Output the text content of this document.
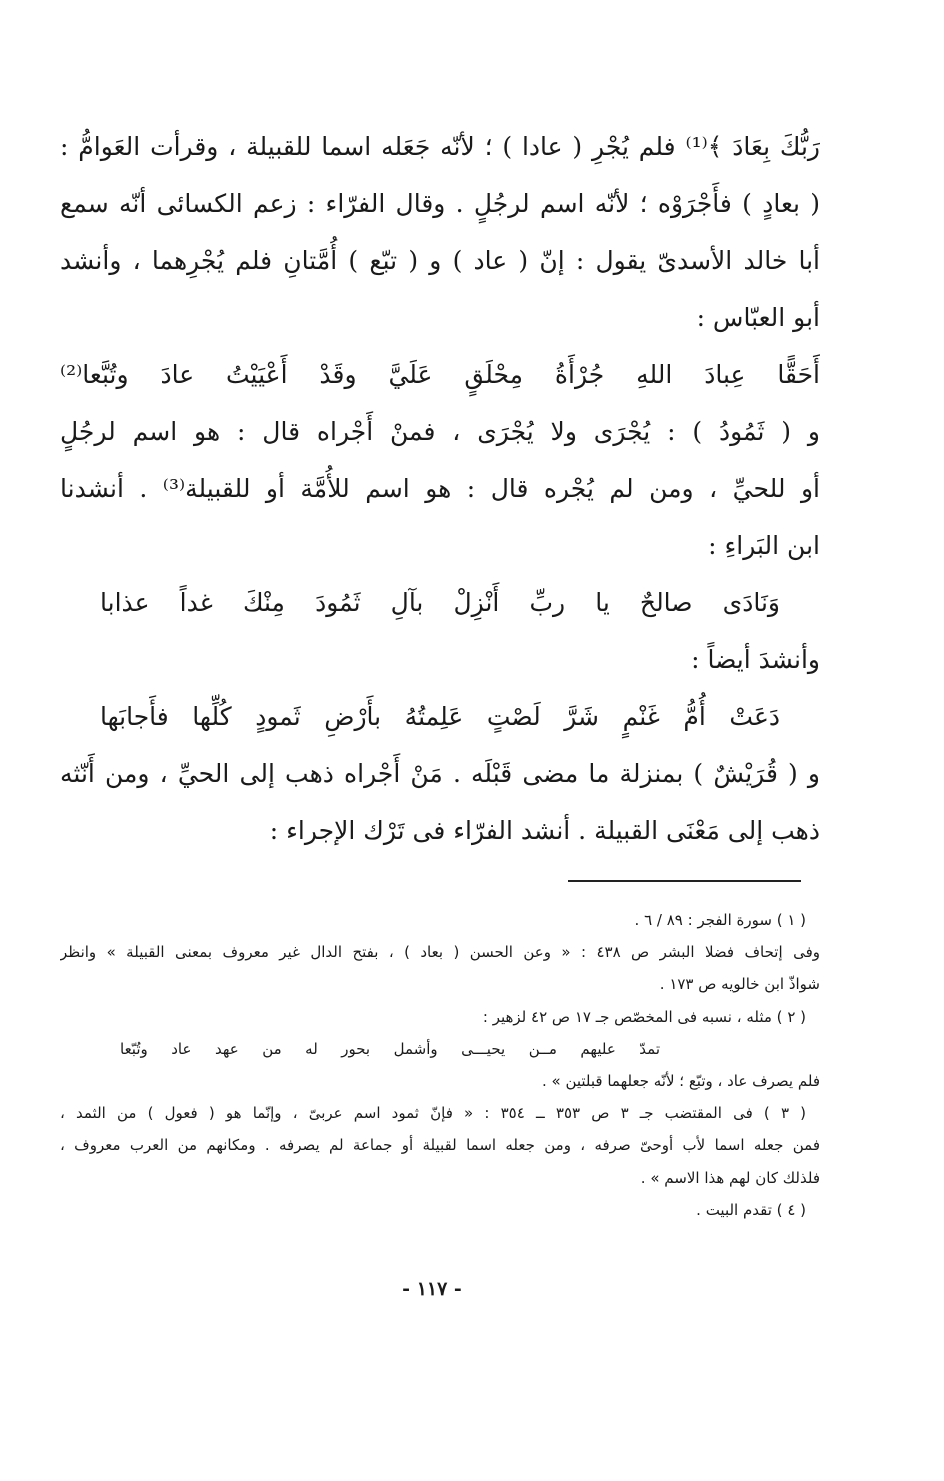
رَبُّكَ بِعَادَ ﴾⁽¹⁾ فلم يُجْرِ ( عادا ) ؛ لأنّه جَعَله اسما للقبيلة ، وقرأت العَوامُّ :
( بعادٍ ) فأَجْرَوْه ؛ لأنّه اسم لرجُلٍ . وقال الفرّاء : زعم الكسائى أنّه سمع
أبا خالد الأسدىّ يقول : إنّ ( عاد ) و ( تبّع ) أُمَّتانِ فلم يُجْرِهما ، وأنشد
أبو العبّاس :
أَحَقًّا عِبادَ اللهِ جُرْأَةُ مِحْلَقٍ عَلَيَّ وقَدْ أَعْيَيْتُ عادَ وتُبَّعا⁽²⁾
و ( ثَمُودُ ) : يُجْرَى ولا يُجْرَى ، فمنْ أَجْراه قال : هو اسم لرجُلٍ
أو للحيِّ ، ومن لم يُجْره قال : هو اسم للأُمَّة أو للقبيلة⁽³⁾ . أنشدنا
ابن البَراءِ :
وَنَادَى صالحٌ يا ربِّ أَنْزِلْ بآلِ ثَمُودَ مِنْكَ غداً عذابا
وأنشدَ أيضاً :
دَعَتْ أُمُّ غَنْمٍ شَرَّ لَصْتٍ عَلِمتُهُ بأَرْضِ ثَمودٍ كُلِّها فأَجابَها
و ( قُرَيْشٌ ) بمنزلة ما مضى قَبْلَه . مَنْ أَجْراه ذهب إلى الحيِّ ، ومن أَنّثه
ذهب إلى مَعْنَى القبيلة . أنشد الفرّاء فى تَرْك الإجراء :
( ١ ) سورة الفجر : ٨٩ / ٦ .
وفى إتحاف فضلا البشر ص ٤٣٨ : « وعن الحسن ( بعاد ) ، بفتح الدال غير معروف بمعنى القبيلة » وانظر
شواذّ ابن خالويه ص ١٧٣ .
( ٢ ) مثله ، نسبه فى المخصّص جـ ١٧ ص ٤٢ لزهير :
تمدّ عليهم مــن يحيـــى وأشمل بحور له من عهد عاد وتُبّعا
فلم يصرف عاد ، وتبّع ؛ لأنّه جعلهما قبلتين » .
( ٣ ) فى المقتضب جـ ٣ ص ٣٥٣ ــ ٣٥٤ : « فإنّ ثمود اسم عربىّ ، وإنّما هو ( فعول ) من الثمد ،
فمن جعله اسما لأب أوحىّ صرفه ، ومن جعله اسما لقبيلة أو جماعة لم يصرفه . ومكانهم من العرب معروف ،
فلذلك كان لهم هذا الاسم » .
( ٤ ) تقدم البيت .
- ١١٧ -
